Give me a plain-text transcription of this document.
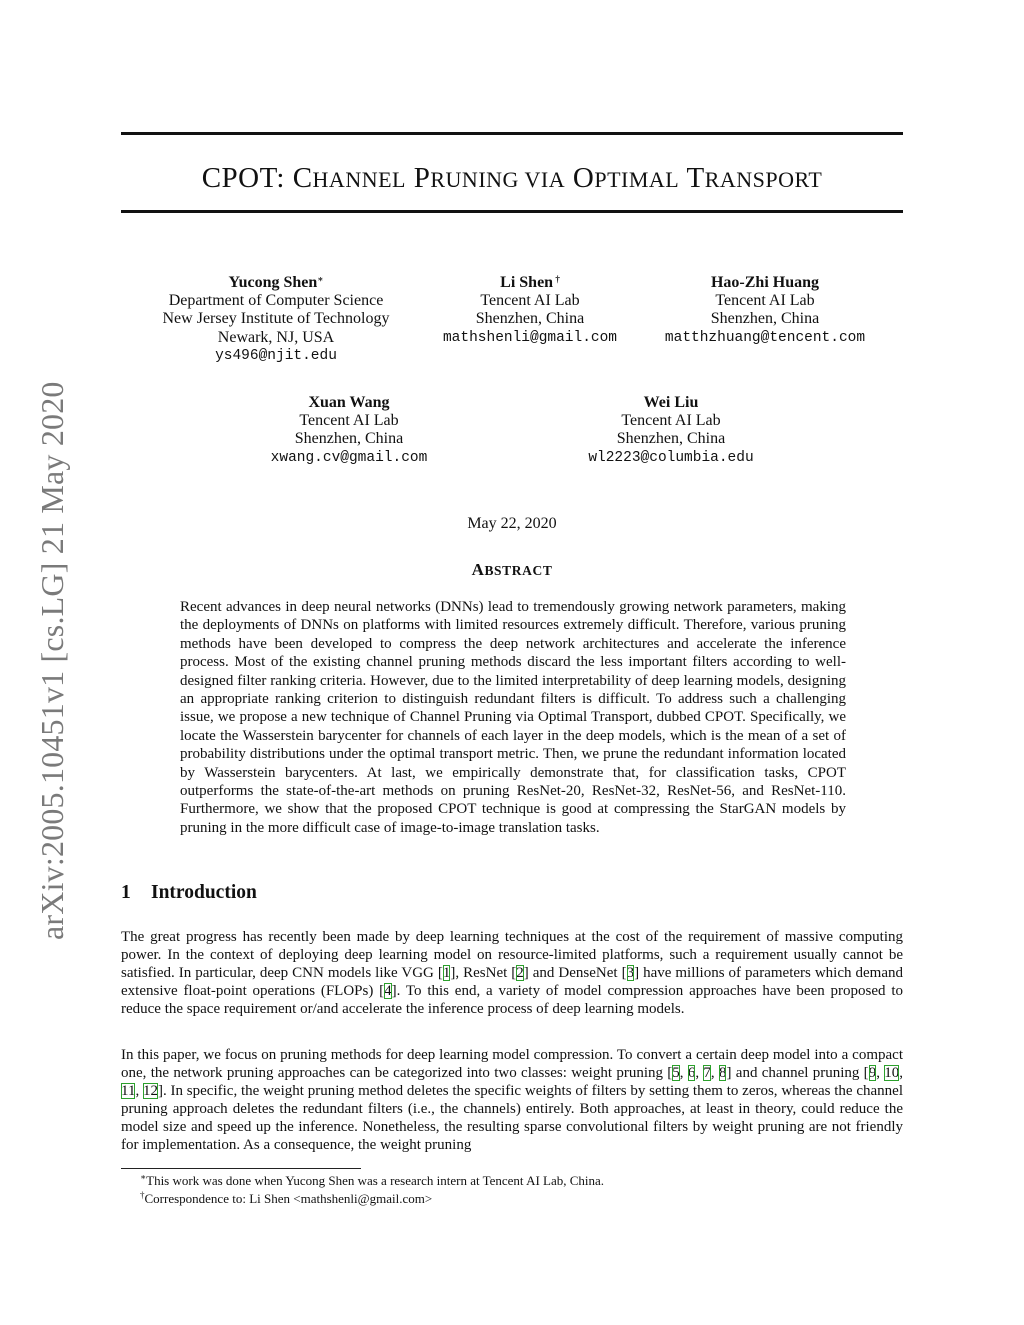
arXiv:2005.10451v1 [cs.LG] 21 May 2020
CPOT: CHANNEL PRUNING VIA OPTIMAL TRANSPORT
Yucong Shen∗
Department of Computer Science
New Jersey Institute of Technology
Newark, NJ, USA
ys496@njit.edu
Li Shen †
Tencent AI Lab
Shenzhen, China
mathshenli@gmail.com
Hao-Zhi Huang
Tencent AI Lab
Shenzhen, China
matthzhuang@tencent.com
Xuan Wang
Tencent AI Lab
Shenzhen, China
xwang.cv@gmail.com
Wei Liu
Tencent AI Lab
Shenzhen, China
wl2223@columbia.edu
May 22, 2020
ABSTRACT

Recent advances in deep neural networks (DNNs) lead to tremendously growing network parameters, making the deployments of DNNs on platforms with limited resources extremely difficult. Therefore, various pruning methods have been developed to compress the deep network architectures and accelerate the inference process. Most of the existing channel pruning methods discard the less important filters according to well-designed filter ranking criteria. However, due to the limited interpretability of deep learning models, designing an appropriate ranking criterion to distinguish redundant filters is difficult. To address such a challenging issue, we propose a new technique of Channel Pruning via Optimal Transport, dubbed CPOT. Specifically, we locate the Wasserstein barycenter for channels of each layer in the deep models, which is the mean of a set of probability distributions under the optimal transport metric. Then, we prune the redundant information located by Wasserstein barycenters. At last, we empirically demonstrate that, for classification tasks, CPOT outperforms the state-of-the-art methods on pruning ResNet-20, ResNet-32, ResNet-56, and ResNet-110. Furthermore, we show that the proposed CPOT technique is good at compressing the StarGAN models by pruning in the more difficult case of image-to-image translation tasks.

1 Introduction

The great progress has recently been made by deep learning techniques at the cost of the requirement of massive computing power. In the context of deploying deep learning model on resource-limited platforms, such a requirement usually cannot be satisfied. In particular, deep CNN models like VGG [1], ResNet [2] and DenseNet [3] have millions of parameters which demand extensive float-point operations (FLOPs) [4]. To this end, a variety of model compression approaches have been proposed to reduce the space requirement or/and accelerate the inference process of deep learning models.

In this paper, we focus on pruning methods for deep learning model compression. To convert a certain deep model into a compact one, the network pruning approaches can be categorized into two classes: weight pruning [5, 6, 7, 8] and channel pruning [9, 10, 11, 12]. In specific, the weight pruning method deletes the specific weights of filters by setting them to zeros, whereas the channel pruning approach deletes the redundant filters (i.e., the channels) entirely. Both approaches, at least in theory, could reduce the model size and speed up the inference. Nonetheless, the resulting sparse convolutional filters by weight pruning are not friendly for implementation. As a consequence, the weight pruning

∗This work was done when Yucong Shen was a research intern at Tencent AI Lab, China.
†Correspondence to: Li Shen <mathshenli@gmail.com>
